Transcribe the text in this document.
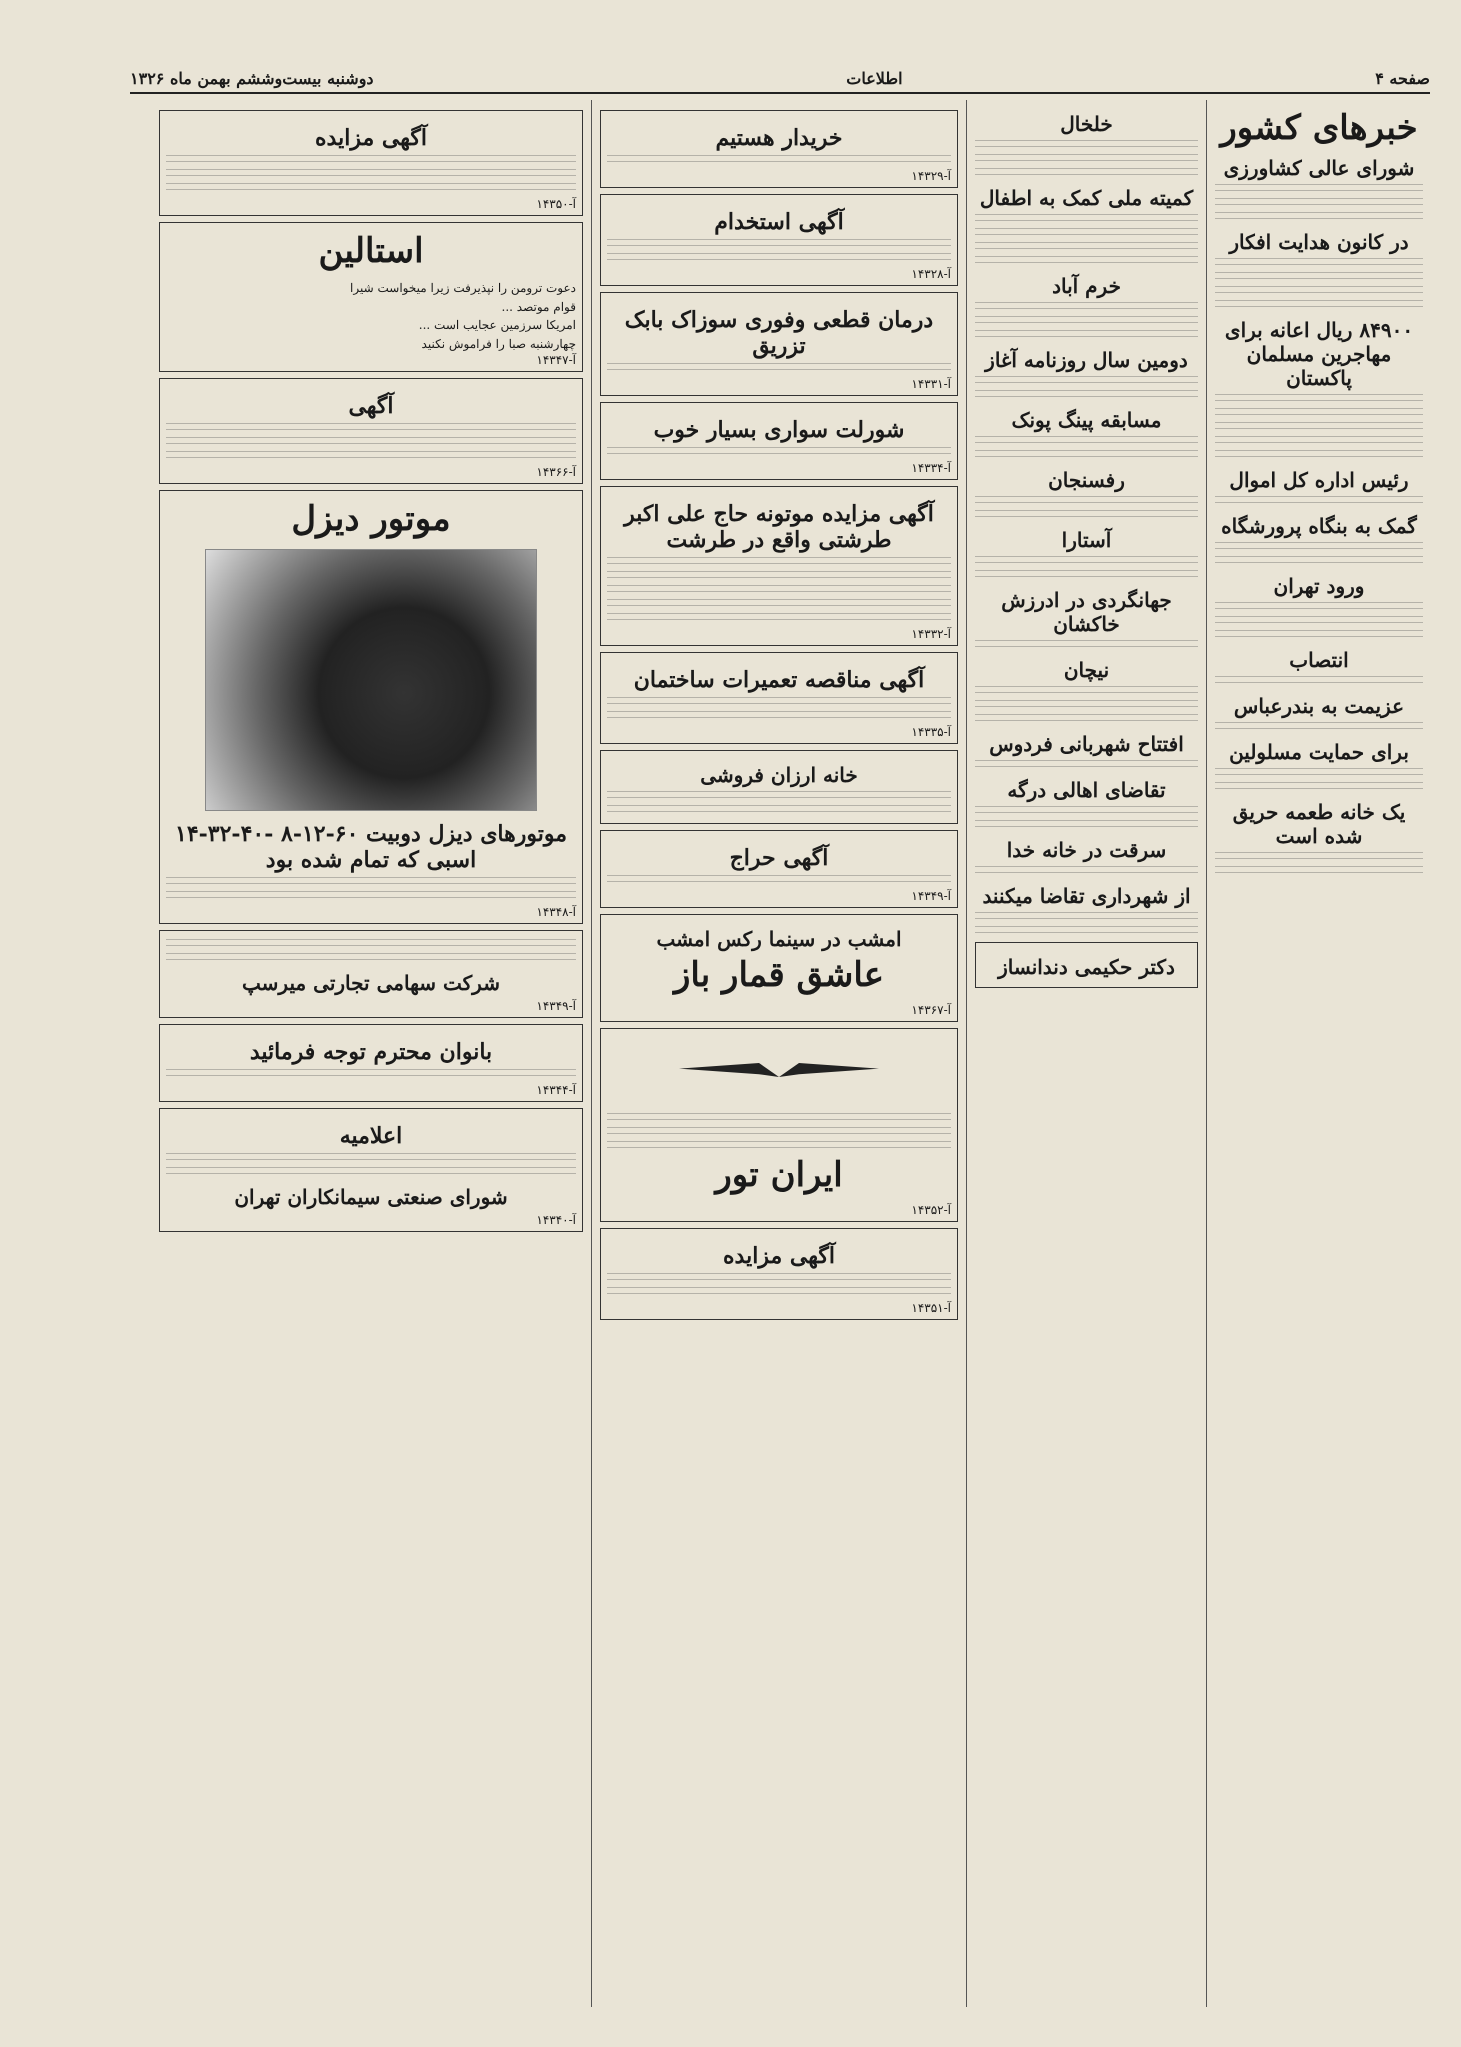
صفحه ۴
اطلاعات
دوشنبه بیست‌وششم بهمن ماه ۱۳۲۶
خبرهای کشور
شورای عالی کشاورزی
در کانون هدایت افکار
۸۴۹۰۰ ریال اعانه برای مهاجرین مسلمان پاکستان
رئیس اداره کل اموال
گمک به بنگاه پرورشگاه
ورود تهران
انتصاب
عزیمت به بندرعباس
برای حمایت مسلولین
یک خانه طعمه حریق شده است
خلخال
کمیته ملی کمک به اطفال
خرم آباد
دومین سال روزنامه آغاز
مسابقه پینگ پونک
رفسنجان
آستارا
جهانگردی در ادرزش خاکشان
نیچان
افتتاح شهربانی فردوس
تقاضای اهالی درگه
سرقت در خانه خدا
از شهرداری تقاضا میکنند
دکتر حکیمی دندانساز
خریدار هستیم
آ-۱۴۳۲۹
آگهی استخدام
آ-۱۴۳۲۸
درمان قطعی وفوری سوزاک بابک تزریق
آ-۱۴۳۳۱
شورلت سواری بسیار خوب
آ-۱۴۳۳۴
آگهی مزایده موتونه حاج علی اکبر طرشتی واقع در طرشت
آ-۱۴۳۳۲
آگهی مناقصه تعمیرات ساختمان
آ-۱۴۳۳۵
خانه ارزان فروشی
آگهی حراج
آ-۱۴۳۴۹
امشب در سینما رکس امشب
عاشق قمار باز
آ-۱۴۳۶۷
ایران تور
آ-۱۴۳۵۲
آگهی مزایده
آ-۱۴۳۵۱
آگهی مزایده
آ-۱۴۳۵۰
استالین
دعوت ترومن را نپذیرفت زیرا میخواست شیرا
قوام موتصد ...
امریکا سرزمین عجایب است ...
چهارشنبه صبا را فراموش نکنید
آ-۱۴۳۴۷
آگهی
آ-۱۴۳۶۶
موتور دیزل
موتورهای دیزل دوبیت ۶۰-۱۲-۸ -۴۰-۳۲-۱۴ اسبی که تمام شده بود
آ-۱۴۳۴۸
شرکت سهامی تجارتی میرسپ
آ-۱۴۳۴۹
بانوان محترم توجه فرمائید
آ-۱۴۳۴۴
اعلامیه
شورای صنعتی سیمانکاران تهران
آ-۱۴۳۴۰
